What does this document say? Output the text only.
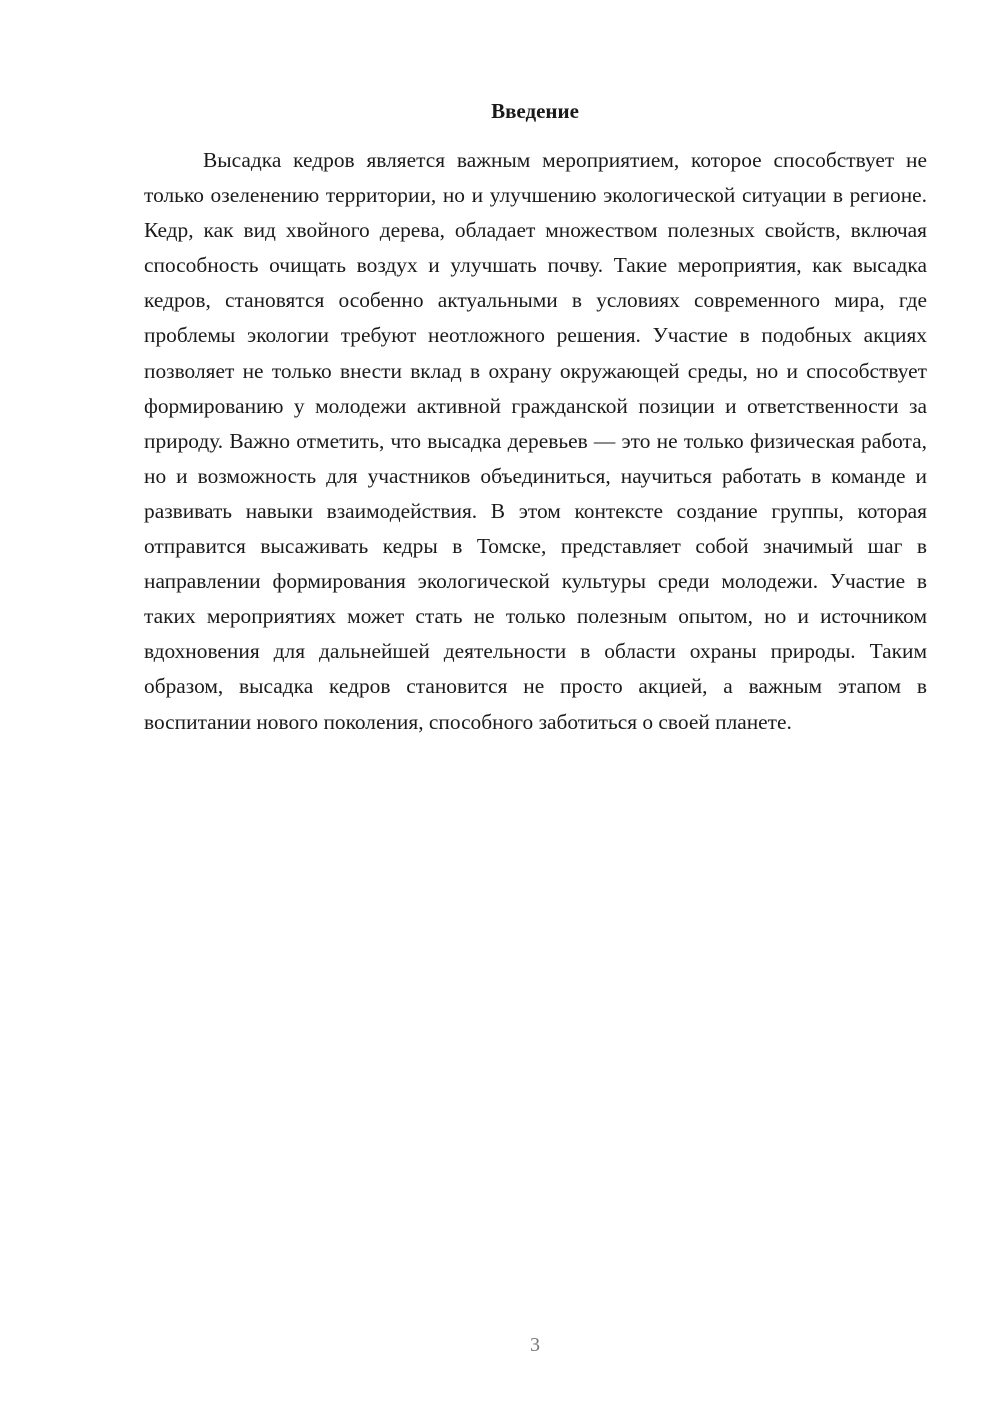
Введение

Высадка кедров является важным мероприятием, которое способствует не только озеленению территории, но и улучшению экологической ситуации в регионе. Кедр, как вид хвойного дерева, обладает множеством полезных свойств, включая способность очищать воздух и улучшать почву. Такие мероприятия, как высадка кедров, становятся особенно актуальными в условиях современного мира, где проблемы экологии требуют неотложного решения. Участие в подобных акциях позволяет не только внести вклад в охрану окружающей среды, но и способствует формированию у молодежи активной гражданской позиции и ответственности за природу. Важно отметить, что высадка деревьев — это не только физическая работа, но и возможность для участников объединиться, научиться работать в команде и развивать навыки взаимодействия. В этом контексте создание группы, которая отправится высаживать кедры в Томске, представляет собой значимый шаг в направлении формирования экологической культуры среди молодежи. Участие в таких мероприятиях может стать не только полезным опытом, но и источником вдохновения для дальнейшей деятельности в области охраны природы. Таким образом, высадка кедров становится не просто акцией, а важным этапом в воспитании нового поколения, способного заботиться о своей планете.

3
